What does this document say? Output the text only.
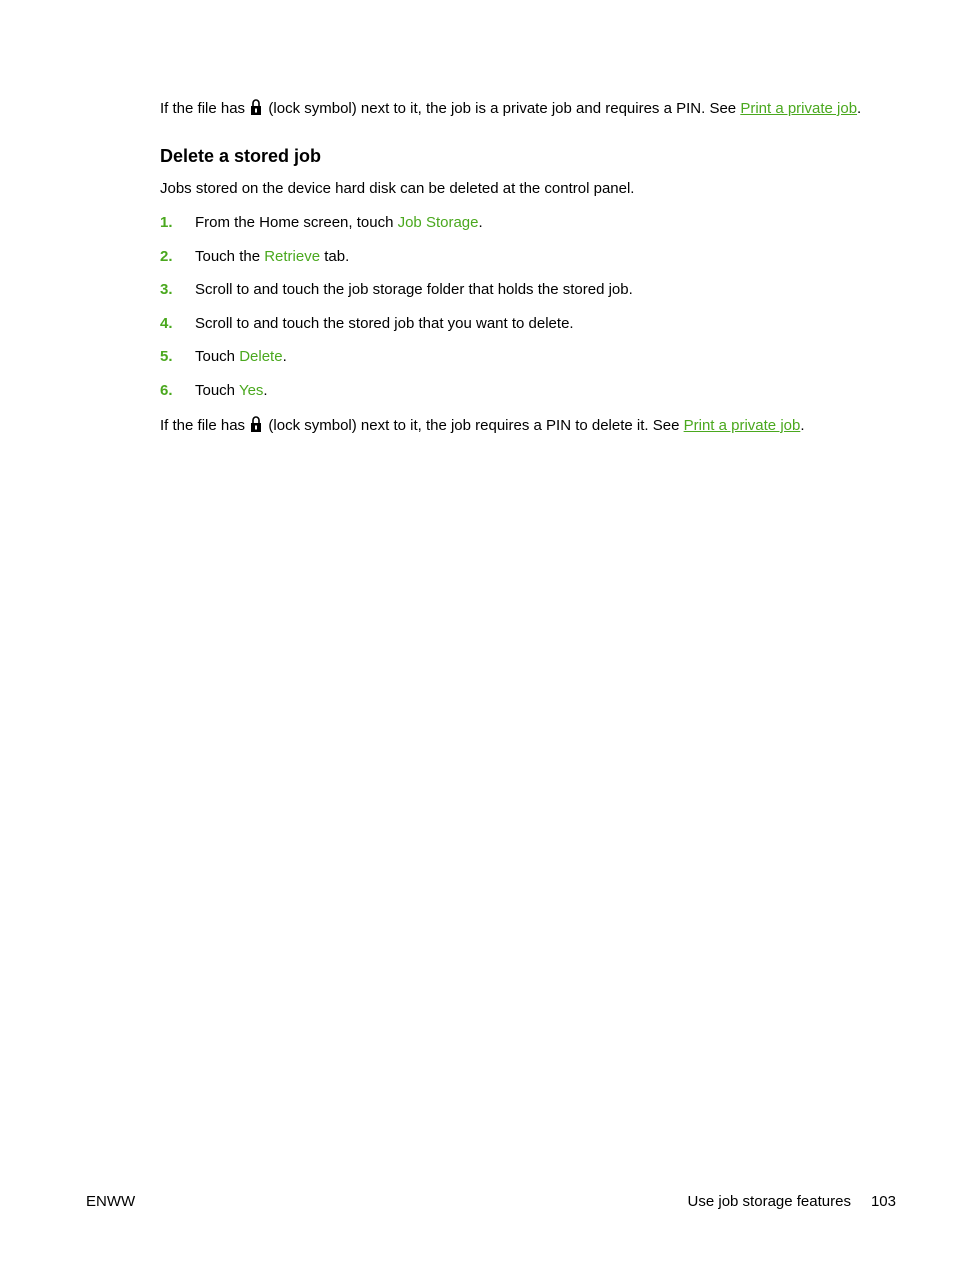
If the file has (lock symbol) next to it, the job is a private job and requires a PIN. See Print a private job.

Delete a stored job

Jobs stored on the device hard disk can be deleted at the control panel.

1. From the Home screen, touch Job Storage.
2. Touch the Retrieve tab.
3. Scroll to and touch the job storage folder that holds the stored job.
4. Scroll to and touch the stored job that you want to delete.
5. Touch Delete.
6. Touch Yes.

If the file has (lock symbol) next to it, the job requires a PIN to delete it. See Print a private job.

ENWW	Use job storage features 103
